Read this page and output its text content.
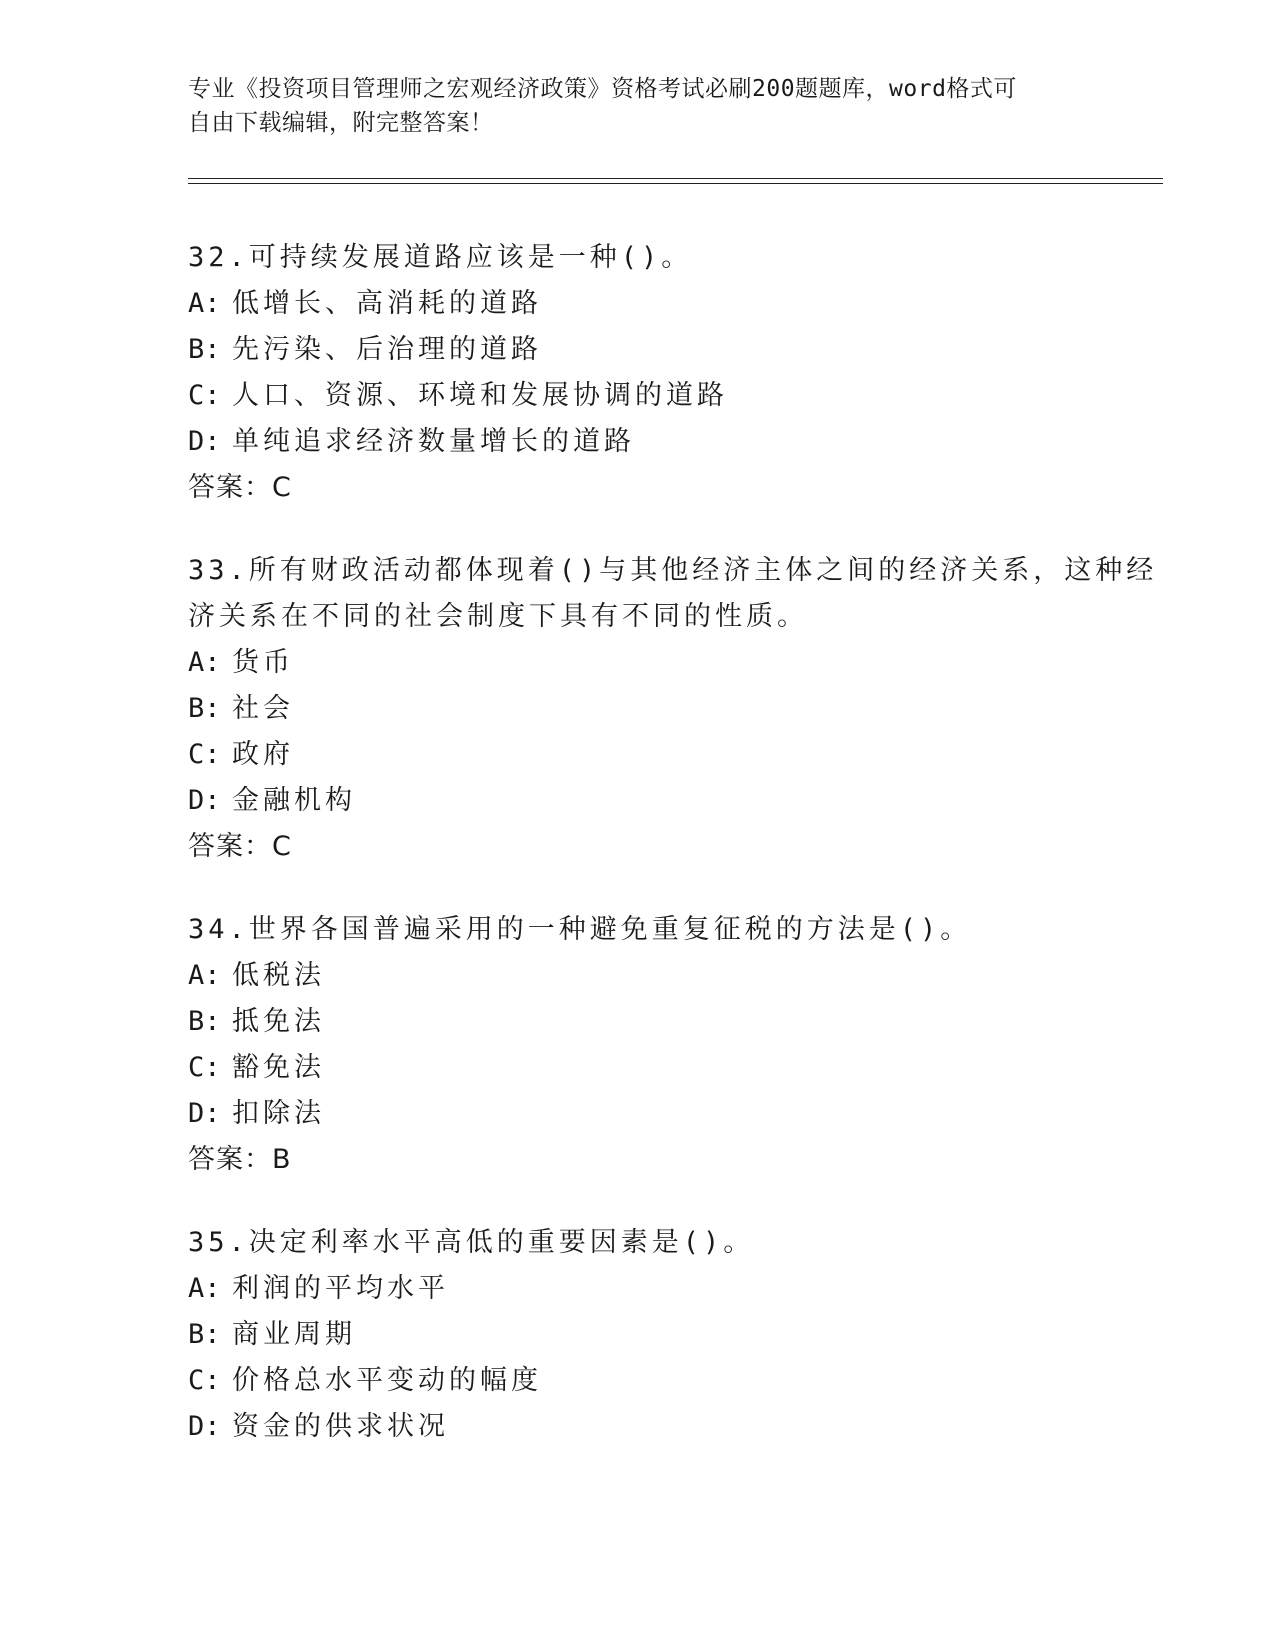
专业《投资项目管理师之宏观经济政策》资格考试必刷200题题库，word格式可
自由下载编辑，附完整答案！
32.可持续发展道路应该是一种()。
A: 低增长、高消耗的道路
B: 先污染、后治理的道路
C: 人口、资源、环境和发展协调的道路
D: 单纯追求经济数量增长的道路
答案：C
33.所有财政活动都体现着()与其他经济主体之间的经济关系，这种经
济关系在不同的社会制度下具有不同的性质。
A: 货币
B: 社会
C: 政府
D: 金融机构
答案：C
34.世界各国普遍采用的一种避免重复征税的方法是()。
A: 低税法
B: 抵免法
C: 豁免法
D: 扣除法
答案：B
35.决定利率水平高低的重要因素是()。
A: 利润的平均水平
B: 商业周期
C: 价格总水平变动的幅度
D: 资金的供求状况
